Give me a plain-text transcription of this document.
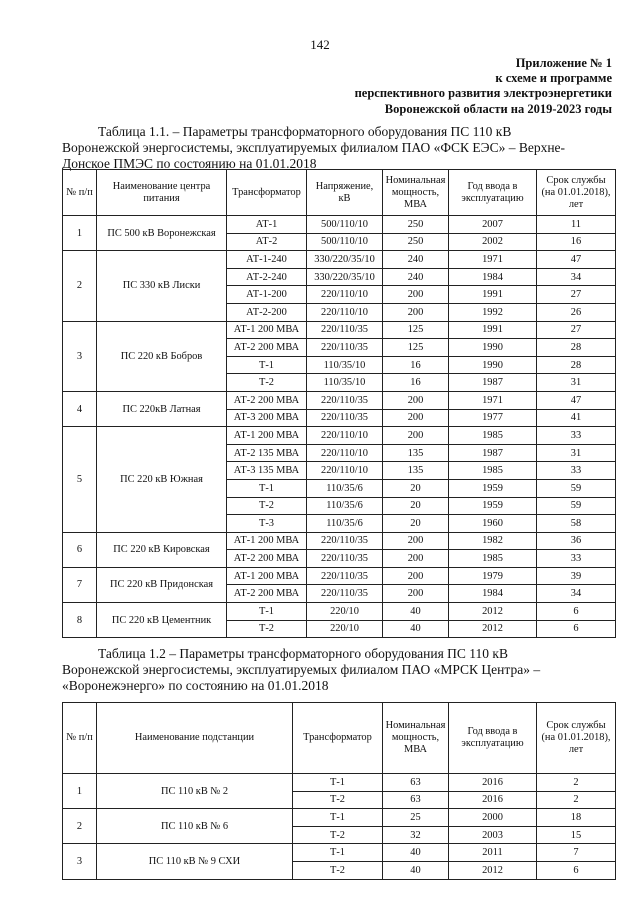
142
Приложение № 1
к схеме и программе
перспективного развития электроэнергетики
Воронежской области на 2019-2023 годы
Таблица 1.1. – Параметры трансформаторного оборудования ПС 110 кВ
Воронежской энергосистемы, эксплуатируемых филиалом ПАО «ФСК ЕЭС» – Верхне-
Донское ПМЭС по состоянию на 01.01.2018
№ п/п	Наименование центра питания	Трансформатор	Напряжение, кВ	Номинальная мощность, МВА	Год ввода в эксплуатацию	Срок службы (на 01.01.2018), лет
1	ПС 500 кВ Воронежская	АТ-1	500/110/10	250	2007	11
		АТ-2	500/110/10	250	2002	16
2	ПС 330 кВ Лиски	АТ-1-240	330/220/35/10	240	1971	47
		АТ-2-240	330/220/35/10	240	1984	34
		АТ-1-200	220/110/10	200	1991	27
		АТ-2-200	220/110/10	200	1992	26
3	ПС 220 кВ Бобров	АТ-1 200 МВА	220/110/35	125	1991	27
		АТ-2 200 МВА	220/110/35	125	1990	28
		Т-1	110/35/10	16	1990	28
		Т-2	110/35/10	16	1987	31
4	ПС 220кВ Латная	АТ-2 200 МВА	220/110/35	200	1971	47
		АТ-3 200 МВА	220/110/35	200	1977	41
5	ПС 220 кВ Южная	АТ-1 200 МВА	220/110/10	200	1985	33
		АТ-2 135 МВА	220/110/10	135	1987	31
		АТ-3 135 МВА	220/110/10	135	1985	33
		Т-1	110/35/6	20	1959	59
		Т-2	110/35/6	20	1959	59
		Т-3	110/35/6	20	1960	58
6	ПС 220 кВ Кировская	АТ-1 200 МВА	220/110/35	200	1982	36
		АТ-2 200 МВА	220/110/35	200	1985	33
7	ПС 220 кВ Придонская	АТ-1 200 МВА	220/110/35	200	1979	39
		АТ-2 200 МВА	220/110/35	200	1984	34
8	ПС 220 кВ Цементник	Т-1	220/10	40	2012	6
		Т-2	220/10	40	2012	6
Таблица 1.2 – Параметры трансформаторного оборудования ПС 110 кВ
Воронежской энергосистемы, эксплуатируемых филиалом ПАО «МРСК Центра» –
«Воронежэнерго» по состоянию на 01.01.2018
№ п/п	Наименование подстанции	Трансформатор	Номинальная мощность, МВА	Год ввода в эксплуатацию	Срок службы (на 01.01.2018), лет
1	ПС 110 кВ № 2	Т-1	63	2016	2
		Т-2	63	2016	2
2	ПС 110 кВ № 6	Т-1	25	2000	18
		Т-2	32	2003	15
3	ПС 110 кВ № 9 СХИ	Т-1	40	2011	7
		Т-2	40	2012	6
